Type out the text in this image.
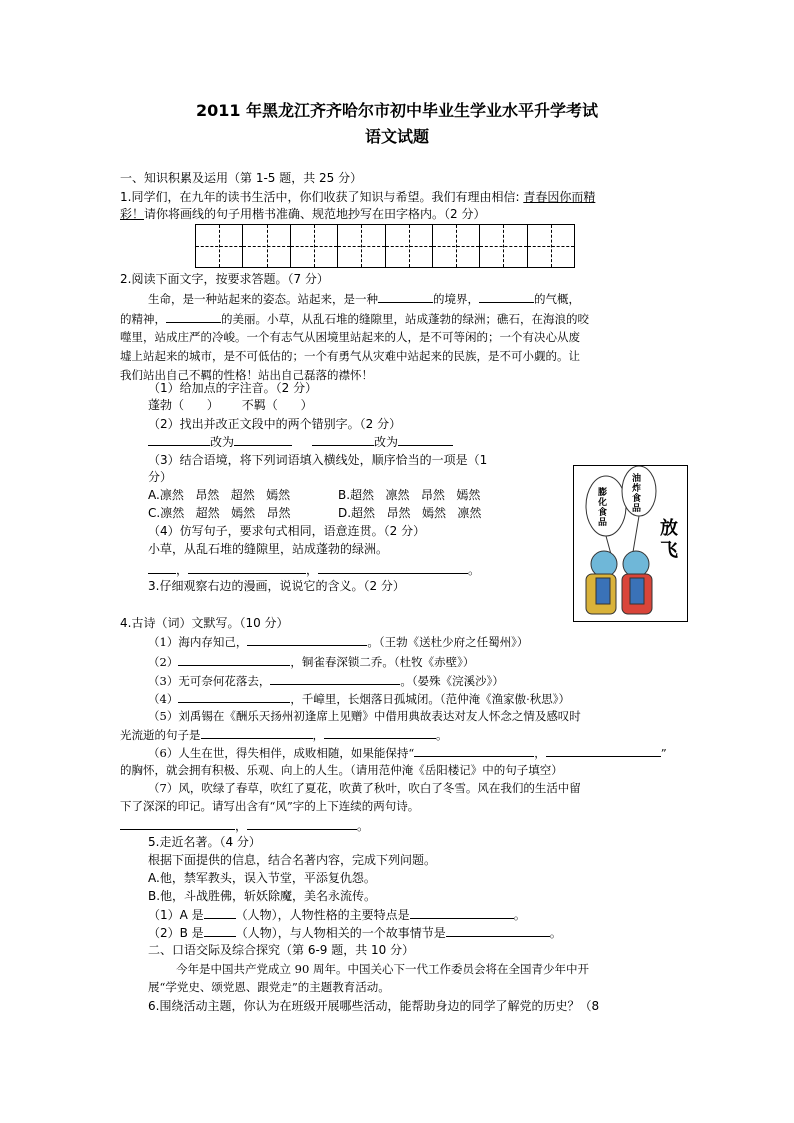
2011 年黑龙江齐齐哈尔市初中毕业生学业水平升学考试
语文试题
一、知识积累及运用（第 1-5 题，共 25 分）
1.同学们，在九年的读书生活中，你们收获了知识与希望。我们有理由相信: 青春因你而精
彩！请你将画线的句子用楷书准确、规范地抄写在田字格内。（2 分）
2.阅读下面文字，按要求答题。（7 分）
生命，是一种站起来的姿态。站起来，是一种	的境界，	的气概，
的精神，	的美丽。小草，从乱石堆的缝隙里，站成蓬勃的绿洲；礁石，在海浪的咬
噬里，站成庄严的冷峻。一个有志气从困境里站起来的人，是不可等闲的；一个有决心从废
墟上站起来的城市，是不可低估的；一个有勇气从灾难中站起来的民族，是不可小觑的。让
我们站出自己不羁的性格！站出自己磊落的襟怀！
（1）给加点的字注音。（2 分）
蓬勃（      ）      不羁（      ）
（2）找出并改正文段中的两个错别字。（2 分）
改为	改为
（3）结合语境，将下列词语填入横线处，顺序恰当的一项是（1
分）
A.凛然   昂然   超然   嫣然	B.超然   凛然   昂然   嫣然
C.凛然   超然   嫣然   昂然	D.超然   昂然   嫣然   凛然
（4）仿写句子，要求句式相同，语意连贯。（2 分）
小草，从乱石堆的缝隙里，站成蓬勃的绿洲。
，	，	。
3.仔细观察右边的漫画，说说它的含义。（2 分）
膨化食品
油炸食品
放飞
4.古诗（词）文默写。（10 分）
（1）海内存知己，	。（王勃《送杜少府之任蜀州》）
（2）	，铜雀春深锁二乔。（杜牧《赤壁》）
（3）无可奈何花落去，	。（晏殊《浣溪沙》）
（4）	，千嶂里，长烟落日孤城闭。（范仲淹《渔家傲·秋思》）
（5）刘禹锡在《酬乐天扬州初逢席上见赠》中借用典故表达对友人怀念之情及感叹时
光流逝的句子是	，	。
（6）人生在世，得失相伴，成败相随，如果能保持“	，	”
的胸怀，就会拥有积极、乐观、向上的人生。（请用范仲淹《岳阳楼记》中的句子填空）
（7）风，吹绿了春草，吹红了夏花，吹黄了秋叶，吹白了冬雪。风在我们的生活中留
下了深深的印记。请写出含有“风”字的上下连续的两句诗。
，	。
5.走近名著。（4 分）
根据下面提供的信息，结合名著内容，完成下列问题。
A.他，禁军教头，误入节堂，平添复仇怨。
B.他，斗战胜佛，斩妖除魔，美名永流传。
（1）A 是	（人物），人物性格的主要特点是	。
（2）B 是	（人物），与人物相关的一个故事情节是	。
二、口语交际及综合探究（第 6-9 题，共 10 分）
今年是中国共产党成立 90 周年。中国关心下一代工作委员会将在全国青少年中开
展“学党史、颂党恩、跟党走”的主题教育活动。
6.围绕活动主题，你认为在班级开展哪些活动，能帮助身边的同学了解党的历史？（8
